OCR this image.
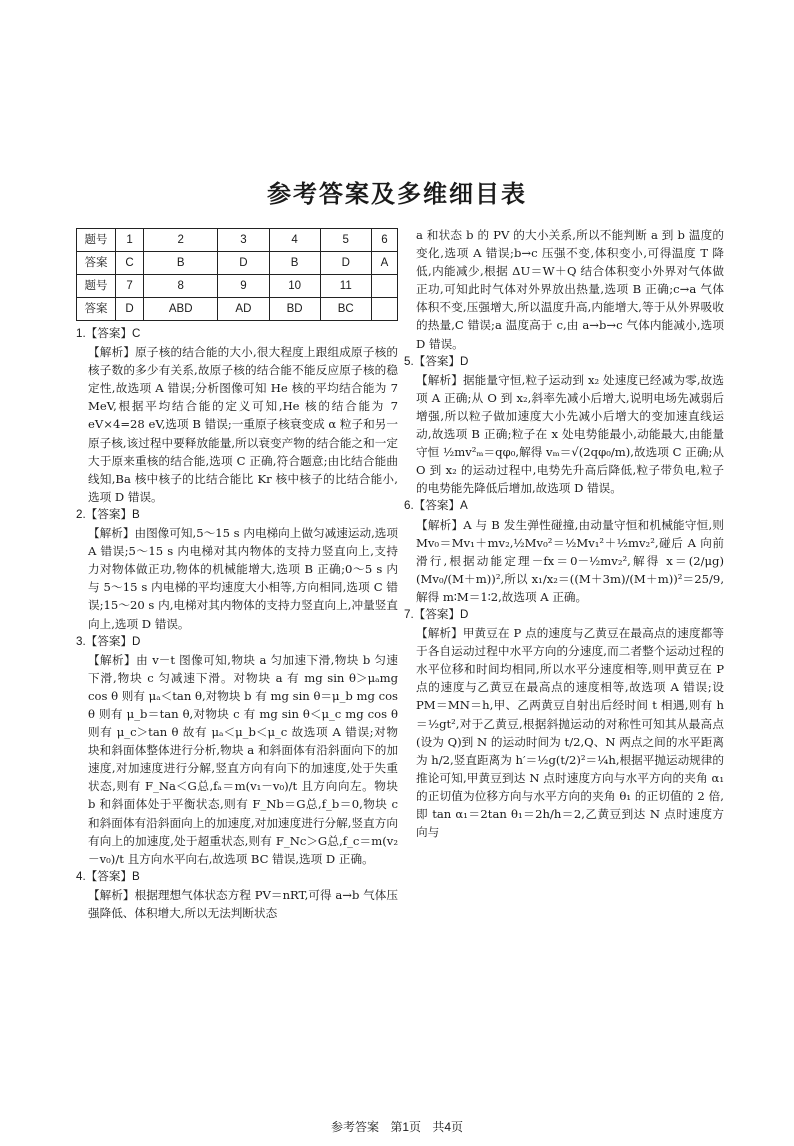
参考答案及多维细目表
题号	1	2	3	4	5	6
答案	C	B	D	B	D	A
题号	7	8	9	10	11	
答案	D	ABD	AD	BD	BC	
1.【答案】C
【解析】原子核的结合能的大小,很大程度上跟组成原子核的核子数的多少有关系,故原子核的结合能不能反应原子核的稳定性,故选项 A 错误;分析图像可知 He 核的平均结合能为 7 MeV,根据平均结合能的定义可知,He 核的结合能为 7 eV×4=28 eV,选项 B 错误;一重原子核衰变成 α 粒子和另一原子核,该过程中要释放能量,所以衰变产物的结合能之和一定大于原来重核的结合能,选项 C 正确,符合题意;由比结合能曲线知,Ba 核中核子的比结合能比 Kr 核中核子的比结合能小,选项 D 错误。
2.【答案】B
【解析】由图像可知,5～15 s 内电梯向上做匀减速运动,选项 A 错误;5～15 s 内电梯对其内物体的支持力竖直向上,支持力对物体做正功,物体的机械能增大,选项 B 正确;0～5 s 内与 5～15 s 内电梯的平均速度大小相等,方向相同,选项 C 错误;15～20 s 内,电梯对其内物体的支持力竖直向上,冲量竖直向上,选项 D 错误。
3.【答案】D
【解析】由 v－t 图像可知,物块 a 匀加速下滑,物块 b 匀速下滑,物块 c 匀减速下滑。对物块 a 有 mg sin θ＞μₐmg cos θ 则有 μₐ＜tan θ,对物块 b 有 mg sin θ＝μ_b mg cos θ 则有 μ_b＝tan θ,对物块 c 有 mg sin θ＜μ_c mg cos θ 则有 μ_c＞tan θ 故有 μₐ＜μ_b＜μ_c 故选项 A 错误;对物块和斜面体整体进行分析,物块 a 和斜面体有沿斜面向下的加速度,对加速度进行分解,竖直方向有向下的加速度,处于失重状态,则有 F_Na＜G总,fₐ＝m(v₁－v₀)/t 且方向向左。物块 b 和斜面体处于平衡状态,则有 F_Nb＝G总,f_b＝0,物块 c 和斜面体有沿斜面向上的加速度,对加速度进行分解,竖直方向有向上的加速度,处于超重状态,则有 F_Nc＞G总,f_c＝m(v₂－v₀)/t 且方向水平向右,故选项 BC 错误,选项 D 正确。
4.【答案】B
【解析】根据理想气体状态方程 PV＝nRT,可得 a→b 气体压强降低、体积增大,所以无法判断状态
a 和状态 b 的 PV 的大小关系,所以不能判断 a 到 b 温度的变化,选项 A 错误;b→c 压强不变,体积变小,可得温度 T 降低,内能减少,根据 ΔU＝W＋Q 结合体积变小外界对气体做正功,可知此时气体对外界放出热量,选项 B 正确;c→a 气体体积不变,压强增大,所以温度升高,内能增大,等于从外界吸收的热量,C 错误;a 温度高于 c,由 a→b→c 气体内能减小,选项 D 错误。
5.【答案】D
【解析】据能量守恒,粒子运动到 x₂ 处速度已经减为零,故选项 A 正确;从 O 到 x₂,斜率先减小后增大,说明电场先减弱后增强,所以粒子做加速度大小先减小后增大的变加速直线运动,故选项 B 正确;粒子在 x 处电势能最小,动能最大,由能量守恒 ½mv²ₘ＝qφ₀,解得 vₘ＝√(2qφ₀/m),故选项 C 正确;从 O 到 x₂ 的运动过程中,电势先升高后降低,粒子带负电,粒子的电势能先降低后增加,故选项 D 错误。
6.【答案】A
【解析】A 与 B 发生弹性碰撞,由动量守恒和机械能守恒,则 Mv₀＝Mv₁＋mv₂,½Mv₀²＝½Mv₁²＋½mv₂²,碰后 A 向前滑行,根据动能定理－fx＝0－½mv₂²,解得 x＝(2/μg)(Mv₀/(M＋m))²,所以 x₁/x₂＝((M＋3m)/(M＋m))²＝25/9,解得 m∶M＝1∶2,故选项 A 正确。
7.【答案】D
【解析】甲黄豆在 P 点的速度与乙黄豆在最高点的速度都等于各自运动过程中水平方向的分速度,而二者整个运动过程的水平位移和时间均相同,所以水平分速度相等,则甲黄豆在 P 点的速度与乙黄豆在最高点的速度相等,故选项 A 错误;设 PM＝MN＝h,甲、乙两黄豆自射出后经时间 t 相遇,则有 h＝½gt²,对于乙黄豆,根据斜抛运动的对称性可知其从最高点(设为 Q)到 N 的运动时间为 t/2,Q、N 两点之间的水平距离为 h/2,竖直距离为 h′＝½g(t/2)²＝¼h,根据平抛运动规律的推论可知,甲黄豆到达 N 点时速度方向与水平方向的夹角 α₁ 的正切值为位移方向与水平方向的夹角 θ₁ 的正切值的 2 倍,即 tan α₁＝2tan θ₁＝2h/h＝2,乙黄豆到达 N 点时速度方向与
参考答案 第1页 共4页
